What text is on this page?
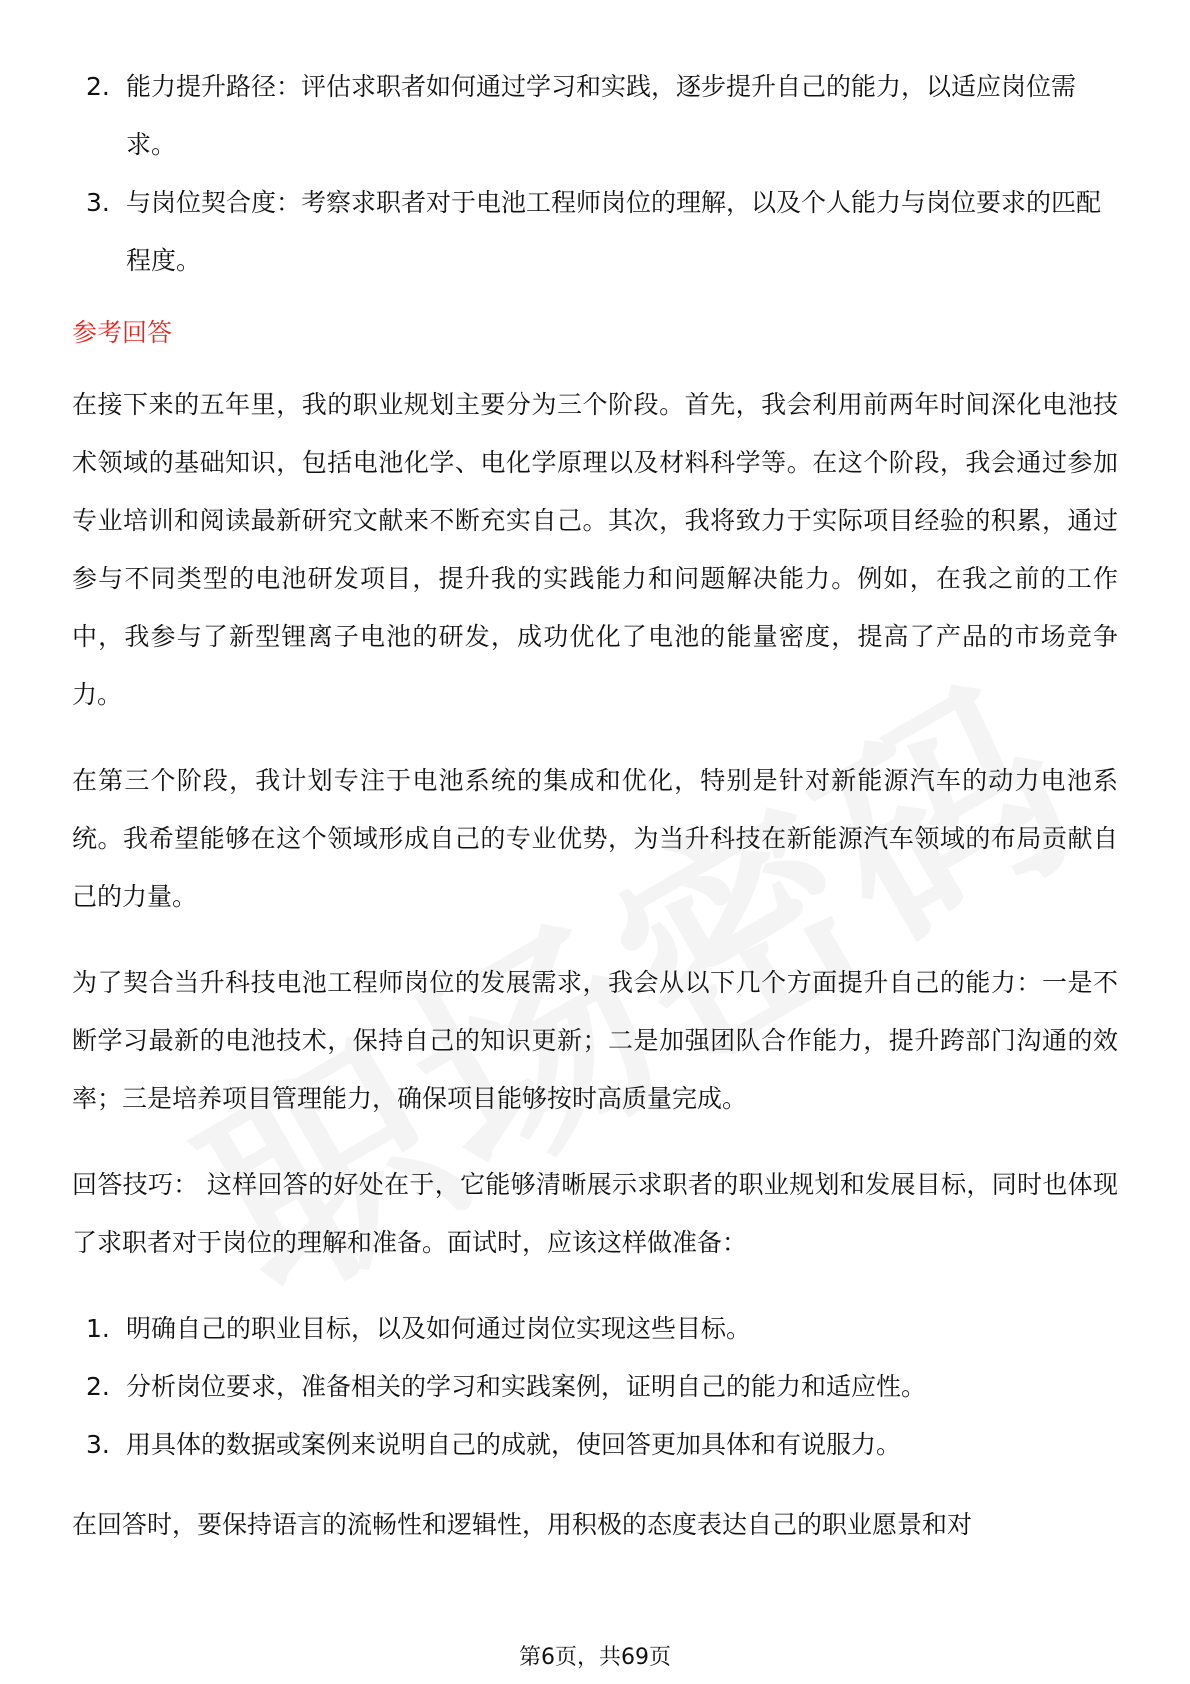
2. 能力提升路径：评估求职者如何通过学习和实践，逐步提升自己的能力，以适应岗位需求。
3. 与岗位契合度：考察求职者对于电池工程师岗位的理解，以及个人能力与岗位要求的匹配程度。
参考回答

在接下来的五年里，我的职业规划主要分为三个阶段。首先，我会利用前两年时间深化电池技术领域的基础知识，包括电池化学、电化学原理以及材料科学等。在这个阶段，我会通过参加专业培训和阅读最新研究文献来不断充实自己。其次，我将致力于实际项目经验的积累，通过参与不同类型的电池研发项目，提升我的实践能力和问题解决能力。例如，在我之前的工作中，我参与了新型锂离子电池的研发，成功优化了电池的能量密度，提高了产品的市场竞争力。

在第三个阶段，我计划专注于电池系统的集成和优化，特别是针对新能源汽车的动力电池系统。我希望能够在这个领域形成自己的专业优势，为当升科技在新能源汽车领域的布局贡献自己的力量。

为了契合当升科技电池工程师岗位的发展需求，我会从以下几个方面提升自己的能力：一是不断学习最新的电池技术，保持自己的知识更新；二是加强团队合作能力，提升跨部门沟通的效率；三是培养项目管理能力，确保项目能够按时高质量完成。

回答技巧： 这样回答的好处在于，它能够清晰展示求职者的职业规划和发展目标，同时也体现了求职者对于岗位的理解和准备。面试时，应该这样做准备：

1. 明确自己的职业目标，以及如何通过岗位实现这些目标。
2. 分析岗位要求，准备相关的学习和实践案例，证明自己的能力和适应性。
3. 用具体的数据或案例来说明自己的成就，使回答更加具体和有说服力。

在回答时，要保持语言的流畅性和逻辑性，用积极的态度表达自己的职业愿景和对

第6页，共69页
